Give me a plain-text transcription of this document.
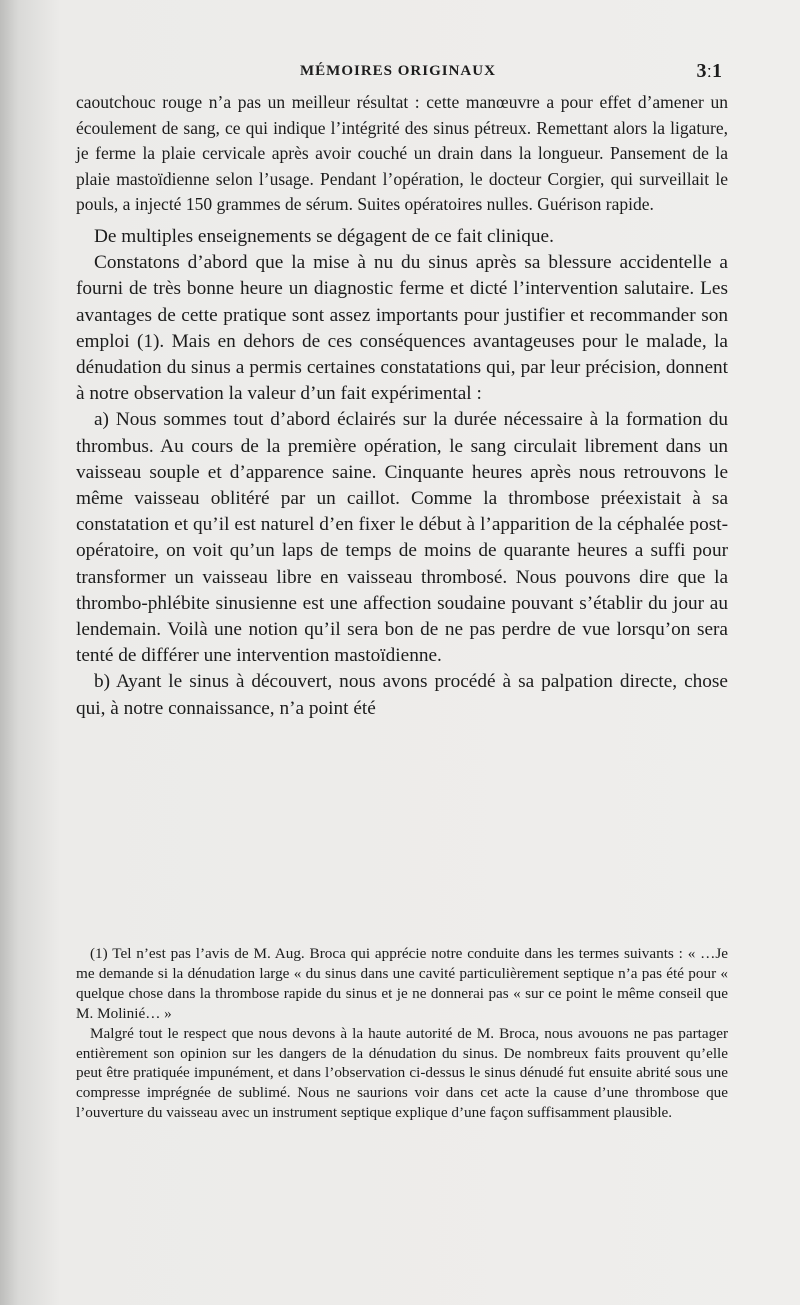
MÉMOIRES ORIGINAUX	3ː1

caoutchouc rouge n’a pas un meilleur résultat : cette manœuvre a pour effet d’amener un écoulement de sang, ce qui indique l’intégrité des sinus pétreux. Remettant alors la ligature, je ferme la plaie cervicale après avoir couché un drain dans la longueur. Pansement de la plaie mastoïdienne selon l’usage. Pendant l’opération, le docteur Corgier, qui surveillait le pouls, a injecté 150 grammes de sérum. Suites opératoires nulles. Guérison rapide.

De multiples enseignements se dégagent de ce fait clinique.

Constatons d’abord que la mise à nu du sinus après sa blessure accidentelle a fourni de très bonne heure un diagnostic ferme et dicté l’intervention salutaire. Les avantages de cette pratique sont assez importants pour justifier et recommander son emploi (1). Mais en dehors de ces conséquences avantageuses pour le malade, la dénudation du sinus a permis certaines constatations qui, par leur précision, donnent à notre observation la valeur d’un fait expérimental :

a) Nous sommes tout d’abord éclairés sur la durée nécessaire à la formation du thrombus. Au cours de la première opération, le sang circulait librement dans un vaisseau souple et d’apparence saine. Cinquante heures après nous retrouvons le même vaisseau oblitéré par un caillot. Comme la thrombose préexistait à sa constatation et qu’il est naturel d’en fixer le début à l’apparition de la céphalée post-opératoire, on voit qu’un laps de temps de moins de quarante heures a suffi pour transformer un vaisseau libre en vaisseau thrombosé. Nous pouvons dire que la thrombo-phlébite sinusienne est une affection soudaine pouvant s’établir du jour au lendemain. Voilà une notion qu’il sera bon de ne pas perdre de vue lorsqu’on sera tenté de différer une intervention mastoïdienne.

b) Ayant le sinus à découvert, nous avons procédé à sa palpation directe, chose qui, à notre connaissance, n’a point été

(1) Tel n’est pas l’avis de M. Aug. Broca qui apprécie notre conduite dans les termes suivants : « …Je me demande si la dénudation large « du sinus dans une cavité particulièrement septique n’a pas été pour « quelque chose dans la thrombose rapide du sinus et je ne donnerai pas « sur ce point le même conseil que M. Molinié… »

Malgré tout le respect que nous devons à la haute autorité de M. Broca, nous avouons ne pas partager entièrement son opinion sur les dangers de la dénudation du sinus. De nombreux faits prouvent qu’elle peut être pratiquée impunément, et dans l’observation ci-dessus le sinus dénudé fut ensuite abrité sous une compresse imprégnée de sublimé. Nous ne saurions voir dans cet acte la cause d’une thrombose que l’ouverture du vaisseau avec un instrument septique explique d’une façon suffisamment plausible.
